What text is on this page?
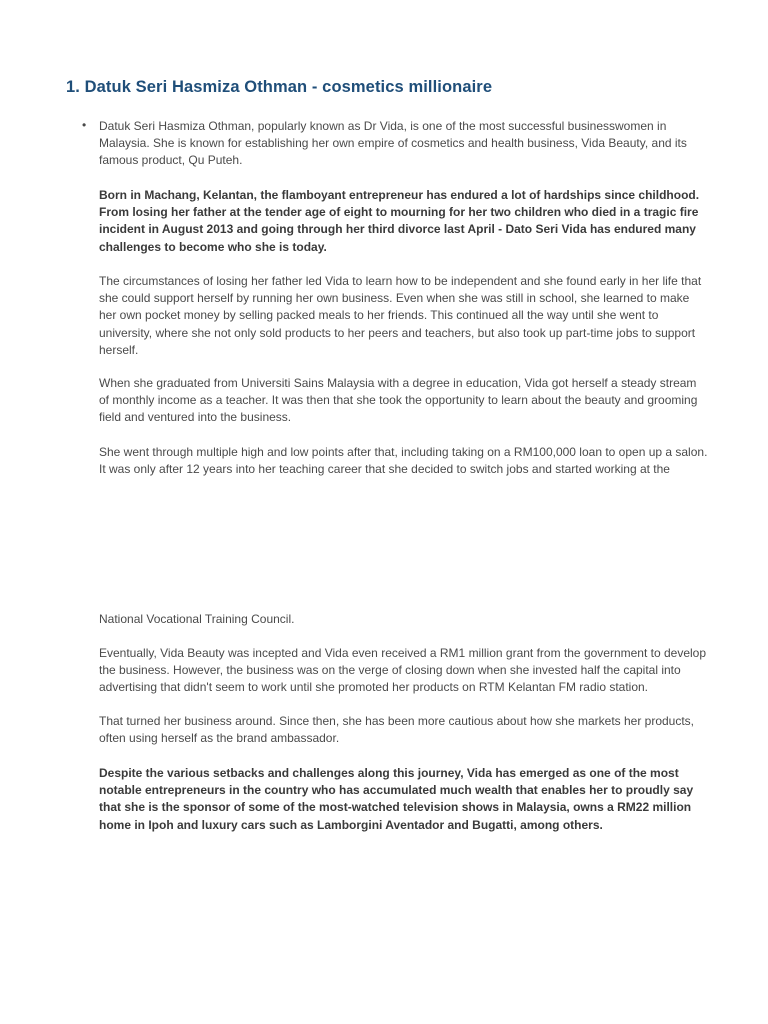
1. Datuk Seri Hasmiza Othman - cosmetics millionaire
• Datuk Seri Hasmiza Othman, popularly known as Dr Vida, is one of the most successful businesswomen in
Malaysia. She is known for establishing her own empire of cosmetics and health business, Vida Beauty, and its
famous product, Qu Puteh.

Born in Machang, Kelantan, the flamboyant entrepreneur has endured a lot of hardships since childhood.
From losing her father at the tender age of eight to mourning for her two children who died in a tragic fire
incident in August 2013 and going through her third divorce last April - Dato Seri Vida has endured many
challenges to become who she is today.

The circumstances of losing her father led Vida to learn how to be independent and she found early in her life that
she could support herself by running her own business. Even when she was still in school, she learned to make
her own pocket money by selling packed meals to her friends. This continued all the way until she went to
university, where she not only sold products to her peers and teachers, but also took up part-time jobs to support
herself.

When she graduated from Universiti Sains Malaysia with a degree in education, Vida got herself a steady stream
of monthly income as a teacher. It was then that she took the opportunity to learn about the beauty and grooming
field and ventured into the business.

She went through multiple high and low points after that, including taking on a RM100,000 loan to open up a salon.
It was only after 12 years into her teaching career that she decided to switch jobs and started working at the

National Vocational Training Council.

Eventually, Vida Beauty was incepted and Vida even received a RM1 million grant from the government to develop
the business. However, the business was on the verge of closing down when she invested half the capital into
advertising that didn't seem to work until she promoted her products on RTM Kelantan FM radio station.

That turned her business around. Since then, she has been more cautious about how she markets her products,
often using herself as the brand ambassador.

Despite the various setbacks and challenges along this journey, Vida has emerged as one of the most
notable entrepreneurs in the country who has accumulated much wealth that enables her to proudly say
that she is the sponsor of some of the most-watched television shows in Malaysia, owns a RM22 million
home in Ipoh and luxury cars such as Lamborgini Aventador and Bugatti, among others.
